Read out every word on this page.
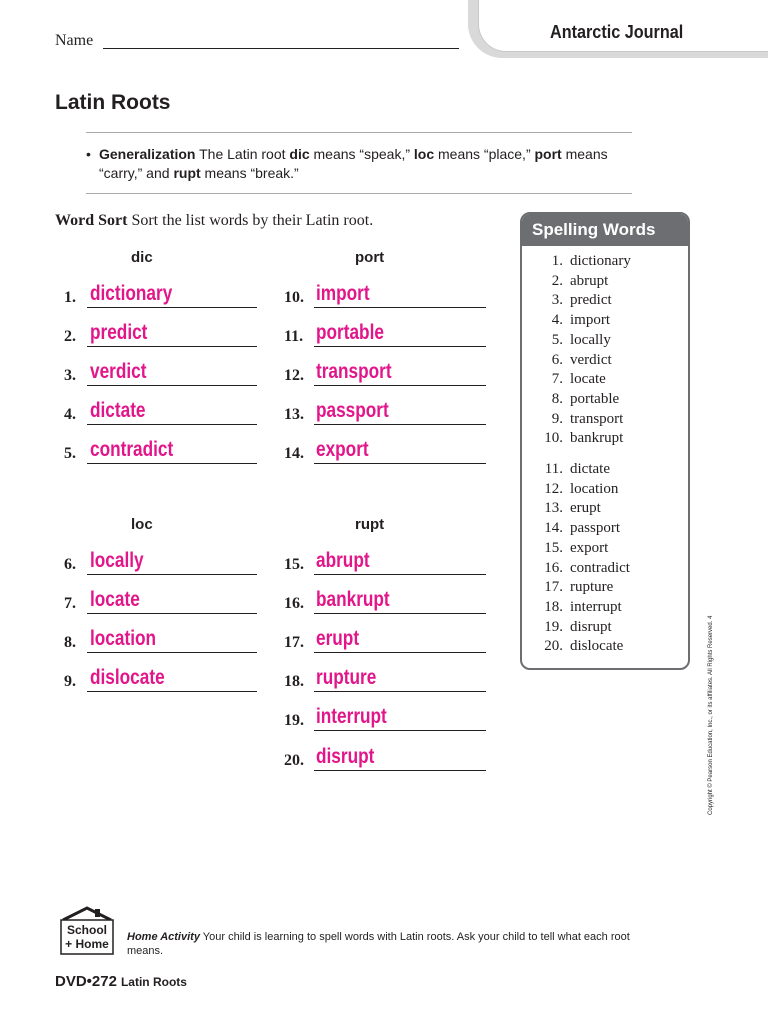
Name	Antarctic Journal
Latin Roots
• Generalization The Latin root dic means “speak,” loc means “place,” port means “carry,” and rupt means “break.”
Word Sort Sort the list words by their Latin root.
dic	port
loc	rupt
1. dictionary
2. predict
3. verdict
4. dictate
5. contradict
10. import
11. portable
12. transport
13. passport
14. export
6. locally
7. locate
8. location
9. dislocate
15. abrupt
16. bankrupt
17. erupt
18. rupture
19. interrupt
20. disrupt
Spelling Words
1. dictionary
2. abrupt
3. predict
4. import
5. locally
6. verdict
7. locate
8. portable
9. transport
10. bankrupt
11. dictate
12. location
13. erupt
14. passport
15. export
16. contradict
17. rupture
18. interrupt
19. disrupt
20. dislocate	Copyright © Pearson Education, Inc., or its affiliates. All Rights Reserved. 4
School
+ Home Home Activity Your child is learning to spell words with Latin roots. Ask your child to tell what each root means.
DVD•272 Latin Roots
